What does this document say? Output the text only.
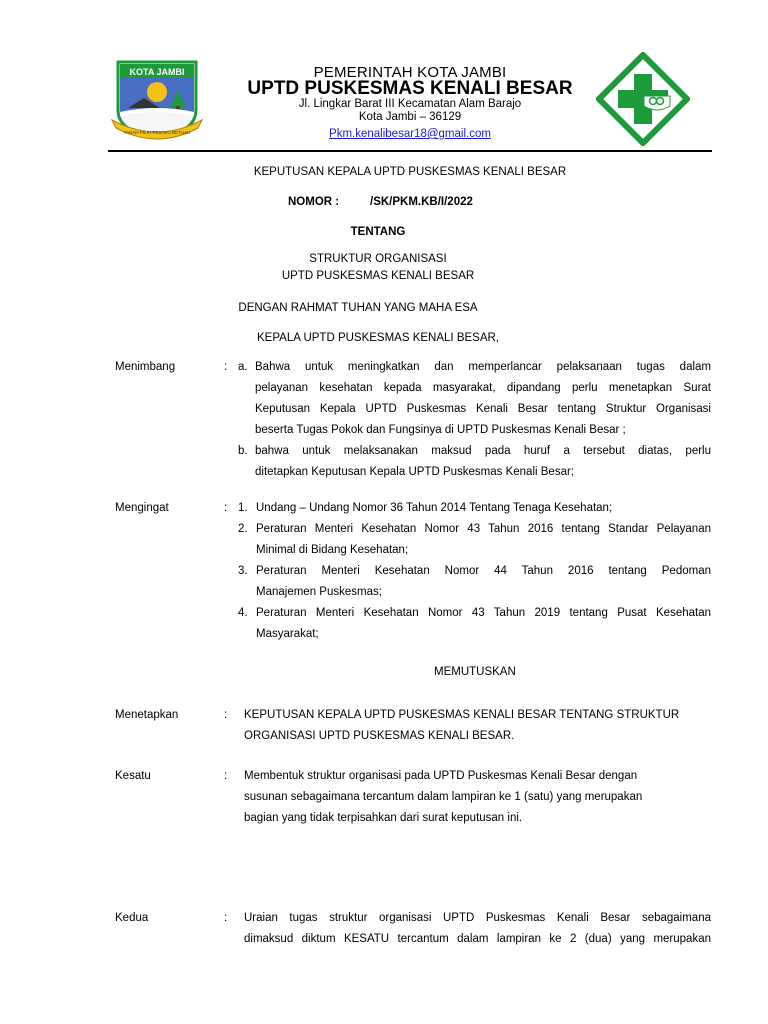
KOTA JAMBI
TANAH PILIH PESAKO BETUAH
PEMERINTAH KOTA JAMBI
UPTD PUSKESMAS KENALI BESAR
Jl. Lingkar Barat III Kecamatan Alam Barajo
Kota Jambi – 36129
Pkm.kenalibesar18@gmail.com
KEPUTUSAN KEPALA UPTD PUSKESMAS KENALI BESAR
NOMOR :	/SK/PKM.KB/I/2022
TENTANG
STRUKTUR ORGANISASI
UPTD PUSKESMAS KENALI BESAR
DENGAN RAHMAT TUHAN YANG MAHA ESA
KEPALA UPTD PUSKESMAS KENALI BESAR,
Menimbang	: a. Bahwa untuk meningkatkan dan memperlancar pelaksanaan tugas dalam
pelayanan kesehatan kepada masyarakat, dipandang perlu menetapkan Surat
Keputusan Kepala UPTD Puskesmas Kenali Besar tentang Struktur Organisasi
beserta Tugas Pokok dan Fungsinya di UPTD Puskesmas Kenali Besar ;
b. bahwa untuk melaksanakan maksud pada huruf a tersebut diatas, perlu
ditetapkan Keputusan Kepala UPTD Puskesmas Kenali Besar;
Mengingat	: 1. Undang – Undang Nomor 36 Tahun 2014 Tentang Tenaga Kesehatan;
2. Peraturan Menteri Kesehatan Nomor 43 Tahun 2016 tentang Standar Pelayanan
Minimal di Bidang Kesehatan;
3. Peraturan Menteri Kesehatan Nomor 44 Tahun 2016 tentang Pedoman
Manajemen Puskesmas;
4. Peraturan Menteri Kesehatan Nomor 43 Tahun 2019 tentang Pusat Kesehatan
Masyarakat;
MEMUTUSKAN
Menetapkan	: KEPUTUSAN KEPALA UPTD PUSKESMAS KENALI BESAR TENTANG STRUKTUR
ORGANISASI UPTD PUSKESMAS KENALI BESAR.
Kesatu	: Membentuk struktur organisasi pada UPTD Puskesmas Kenali Besar dengan
susunan sebagaimana tercantum dalam lampiran ke 1 (satu) yang merupakan
bagian yang tidak terpisahkan dari surat keputusan ini.
Kedua	: Uraian tugas struktur organisasi UPTD Puskesmas Kenali Besar sebagaimana
dimaksud diktum KESATU tercantum dalam lampiran ke 2 (dua) yang merupakan
